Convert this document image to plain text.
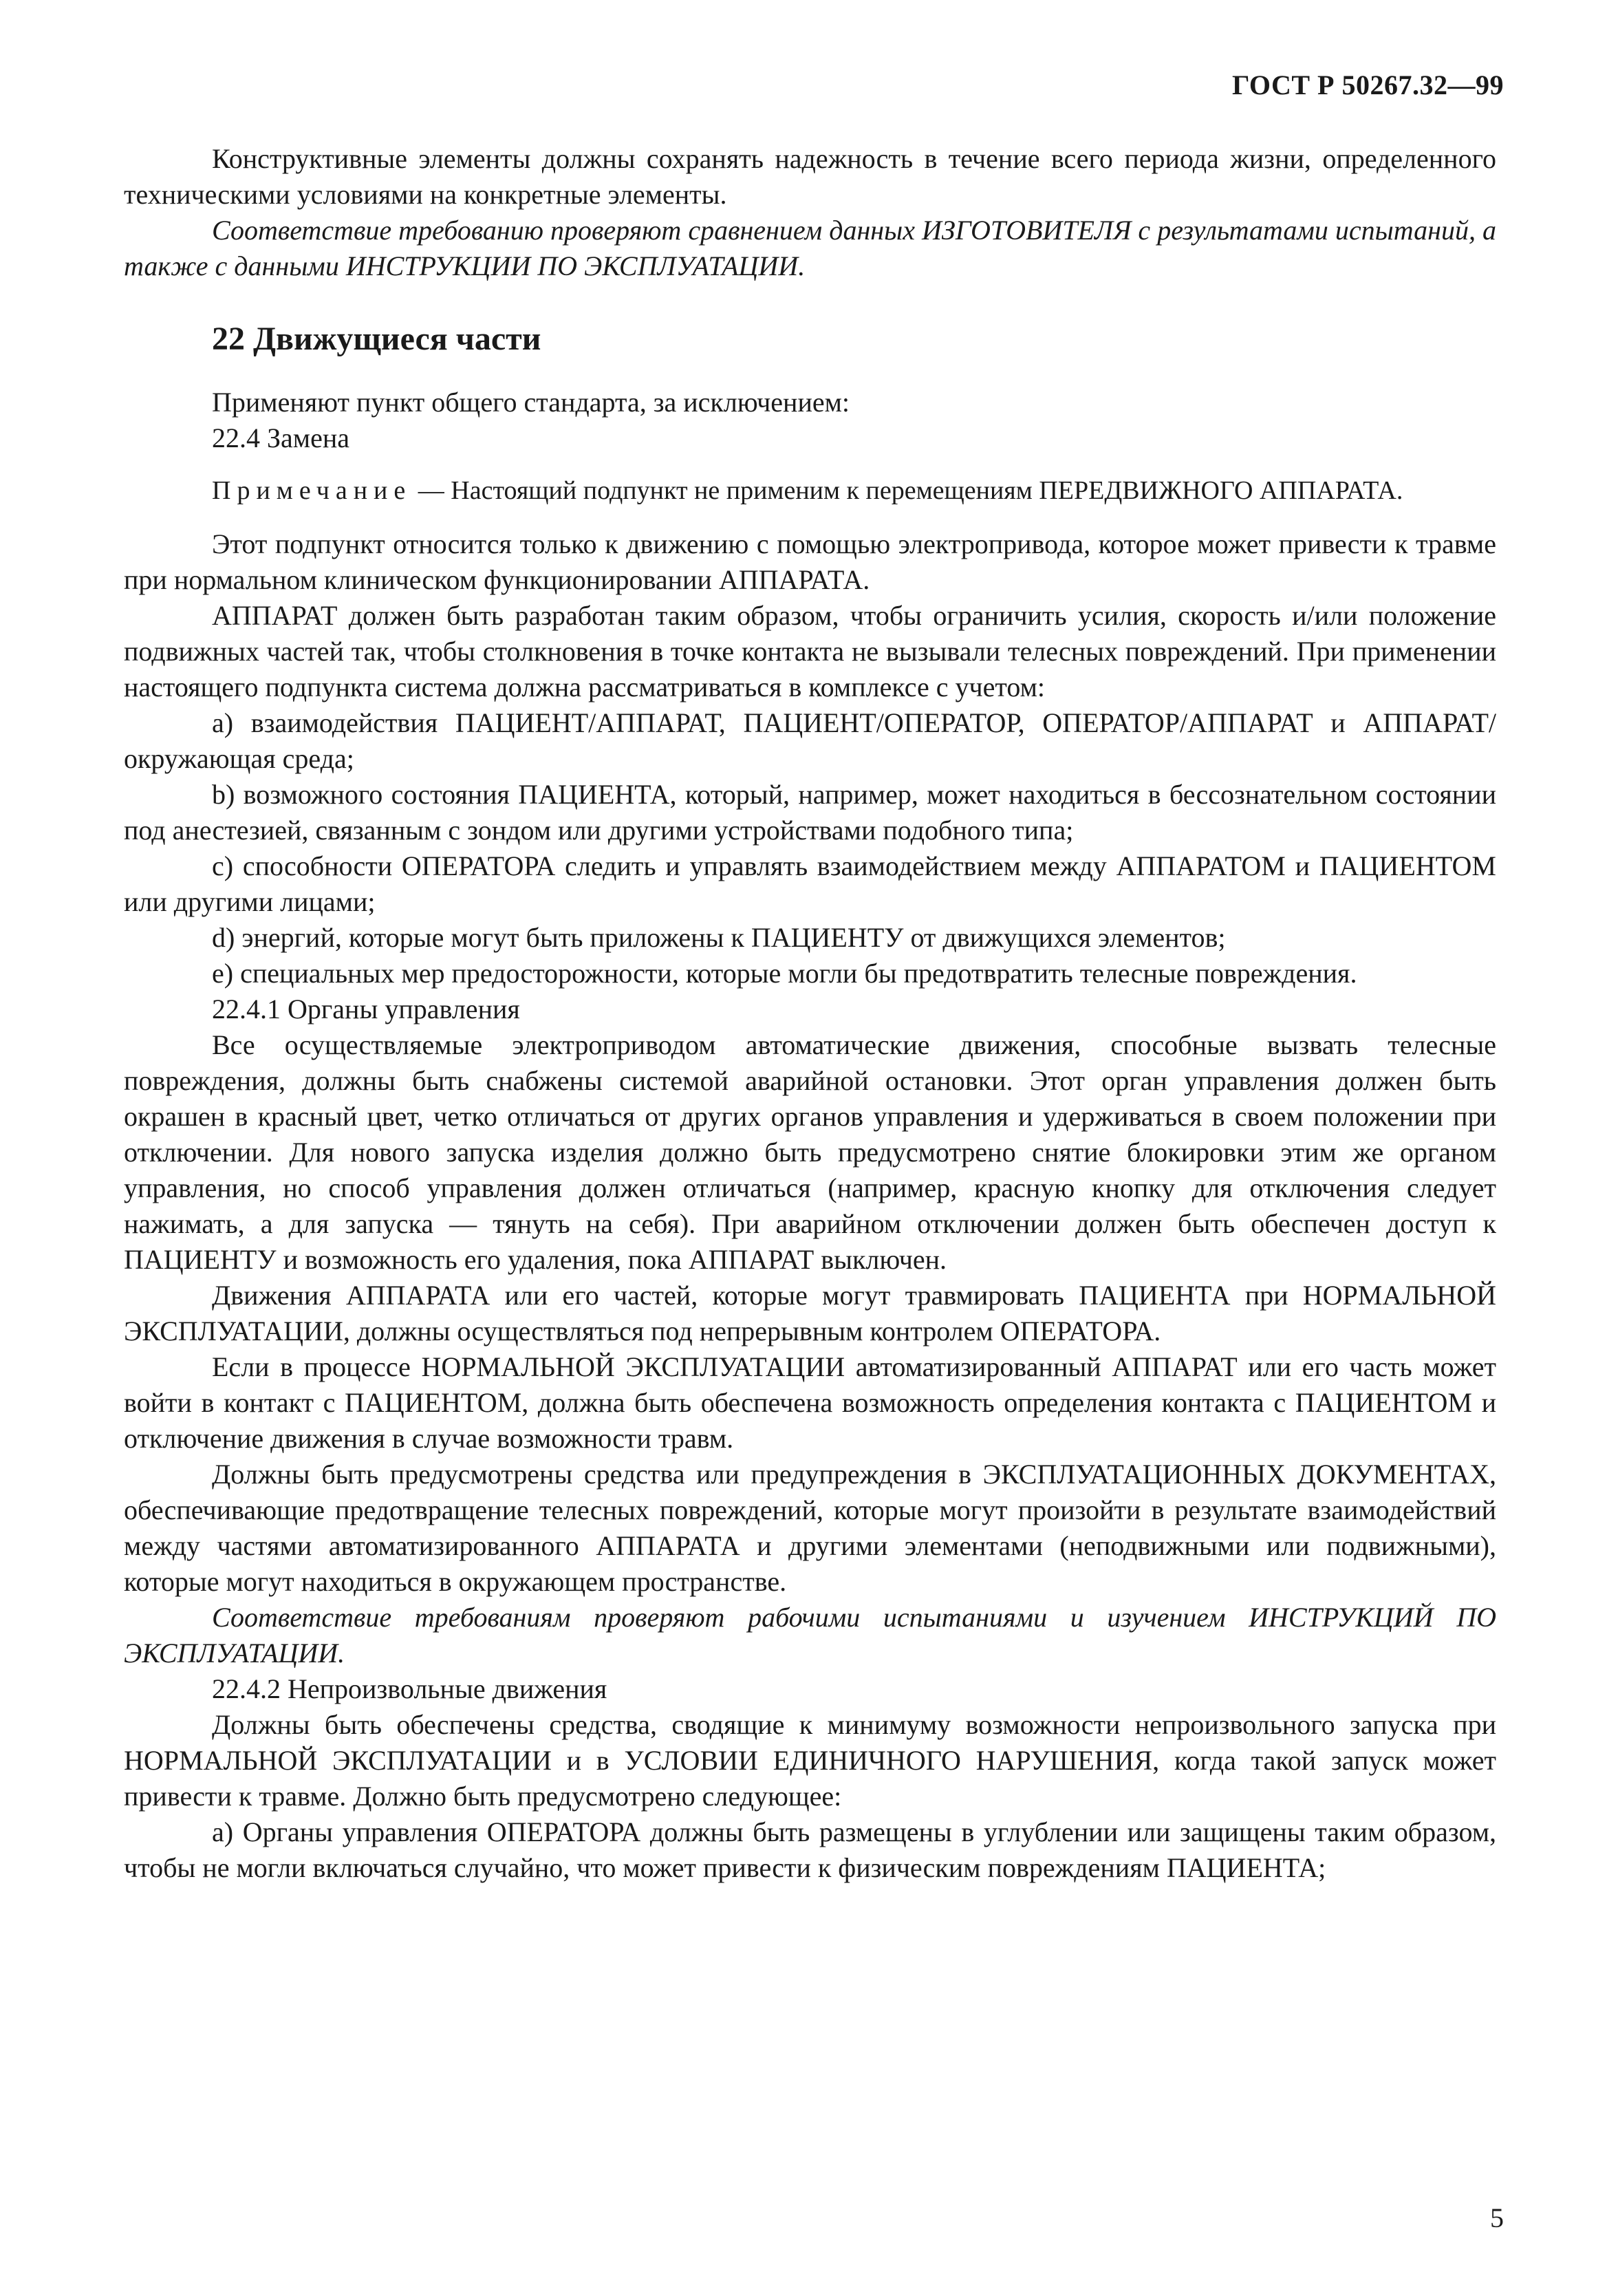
ГОСТ Р 50267.32—99

Конструктивные элементы должны сохранять надежность в течение всего периода жизни, определенного техническими условиями на конкретные элементы.

Соответствие требованию проверяют сравнением данных ИЗГОТОВИТЕЛЯ с результатами испытаний, а также с данными ИНСТРУКЦИИ ПО ЭКСПЛУАТАЦИИ.

22 Движущиеся части

Применяют пункт общего стандарта, за исключением:

22.4 Замена

Примечание — Настоящий подпункт не применим к перемещениям ПЕРЕДВИЖНОГО АППАРАТА.

Этот подпункт относится только к движению с помощью электропривода, которое может привести к травме при нормальном клиническом функционировании АППАРАТА.

АППАРАТ должен быть разработан таким образом, чтобы ограничить усилия, скорость и/или положение подвижных частей так, чтобы столкновения в точке контакта не вызывали телесных повреждений. При применении настоящего подпункта система должна рассматриваться в комплексе с учетом:

а) взаимодействия ПАЦИЕНТ/АППАРАТ, ПАЦИЕНТ/ОПЕРАТОР, ОПЕРАТОР/АППАРАТ и АППАРАТ/окружающая среда;

b) возможного состояния ПАЦИЕНТА, который, например, может находиться в бессознательном состоянии под анестезией, связанным с зондом или другими устройствами подобного типа;

с) способности ОПЕРАТОРА следить и управлять взаимодействием между АППАРАТОМ и ПАЦИЕНТОМ или другими лицами;

d) энергий, которые могут быть приложены к ПАЦИЕНТУ от движущихся элементов;

е) специальных мер предосторожности, которые могли бы предотвратить телесные повреждения.

22.4.1 Органы управления

Все осуществляемые электроприводом автоматические движения, способные вызвать телесные повреждения, должны быть снабжены системой аварийной остановки. Этот орган управления должен быть окрашен в красный цвет, четко отличаться от других органов управления и удерживаться в своем положении при отключении. Для нового запуска изделия должно быть предусмотрено снятие блокировки этим же органом управления, но способ управления должен отличаться (например, красную кнопку для отключения следует нажимать, а для запуска — тянуть на себя). При аварийном отключении должен быть обеспечен доступ к ПАЦИЕНТУ и возможность его удаления, пока АППАРАТ выключен.

Движения АППАРАТА или его частей, которые могут травмировать ПАЦИЕНТА при НОРМАЛЬНОЙ ЭКСПЛУАТАЦИИ, должны осуществляться под непрерывным контролем ОПЕРАТОРА.

Если в процессе НОРМАЛЬНОЙ ЭКСПЛУАТАЦИИ автоматизированный АППАРАТ или его часть может войти в контакт с ПАЦИЕНТОМ, должна быть обеспечена возможность определения контакта с ПАЦИЕНТОМ и отключение движения в случае возможности травм.

Должны быть предусмотрены средства или предупреждения в ЭКСПЛУАТАЦИОННЫХ ДОКУМЕНТАХ, обеспечивающие предотвращение телесных повреждений, которые могут произойти в результате взаимодействий между частями автоматизированного АППАРАТА и другими элементами (неподвижными или подвижными), которые могут находиться в окружающем пространстве.

Соответствие требованиям проверяют рабочими испытаниями и изучением ИНСТРУКЦИЙ ПО ЭКСПЛУАТАЦИИ.

22.4.2 Непроизвольные движения

Должны быть обеспечены средства, сводящие к минимуму возможности непроизвольного запуска при НОРМАЛЬНОЙ ЭКСПЛУАТАЦИИ и в УСЛОВИИ ЕДИНИЧНОГО НАРУШЕНИЯ, когда такой запуск может привести к травме. Должно быть предусмотрено следующее:

а) Органы управления ОПЕРАТОРА должны быть размещены в углублении или защищены таким образом, чтобы не могли включаться случайно, что может привести к физическим повреждениям ПАЦИЕНТА;

5
